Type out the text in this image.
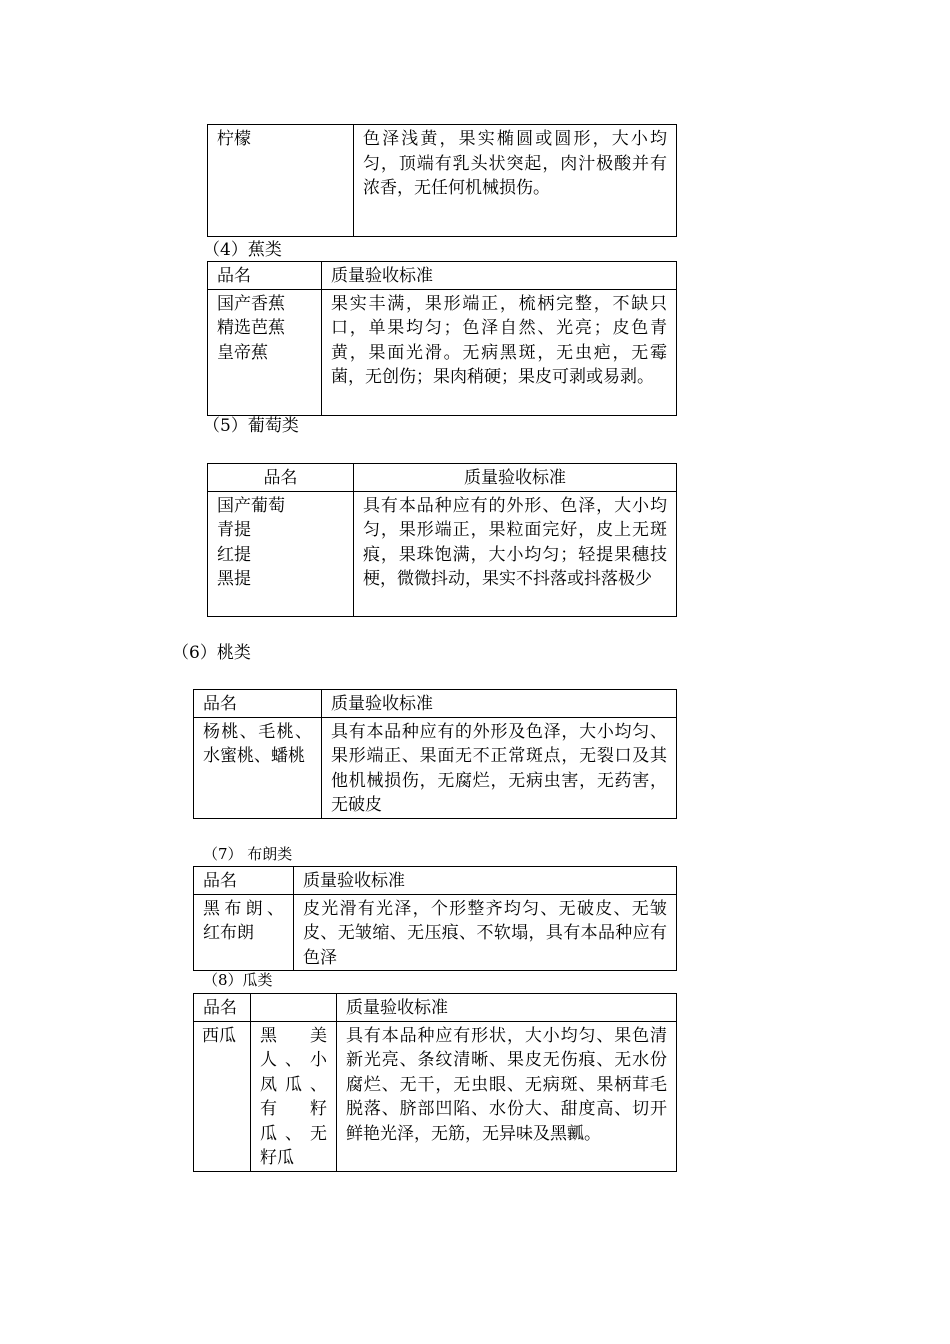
柠檬	色泽浅黄，果实椭圆或圆形，大小均匀，顶端有乳头状突起，肉汁极酸并有浓香，无任何机械损伤。
（4）蕉类
品名	质量验收标准

国产香蕉
精选芭蕉
皇帝蕉	果实丰满，果形端正，梳柄完整，不缺只口，单果均匀；色泽自然、光亮；皮色青黄，果面光滑。无病黑斑，无虫疤，无霉菌，无创伤；果肉稍硬；果皮可剥或易剥。
（5）葡萄类
品名	质量验收标准

国产葡萄
青提
红提
黑提	具有本品种应有的外形、色泽，大小均匀，果形端正，果粒面完好，皮上无斑痕，果珠饱满，大小均匀；轻提果穗技梗，微微抖动，果实不抖落或抖落极少
（6）桃类
品名	质量验收标准
杨桃、毛桃、水蜜桃、蟠桃	具有本品种应有的外形及色泽，大小均匀、果形端正、果面无不正常斑点，无裂口及其他机械损伤，无腐烂，无病虫害，无药害，无破皮
（7） 布朗类
品名	质量验收标准
黑布朗、红布朗	皮光滑有光泽，个形整齐均匀、无破皮、无皱皮、无皱缩、无压痕、不软塌，具有本品种应有色泽
（8）瓜类
品名		质量验收标准
西瓜	黑美人、小凤瓜、有籽瓜、无籽瓜	具有本品种应有形状，大小均匀、果色清新光亮、条纹清晰、果皮无伤痕、无水份腐烂、无干，无虫眼、无病斑、果柄茸毛脱落、脐部凹陷、水份大、甜度高、切开鲜艳光泽，无筋，无异味及黑瓤。
